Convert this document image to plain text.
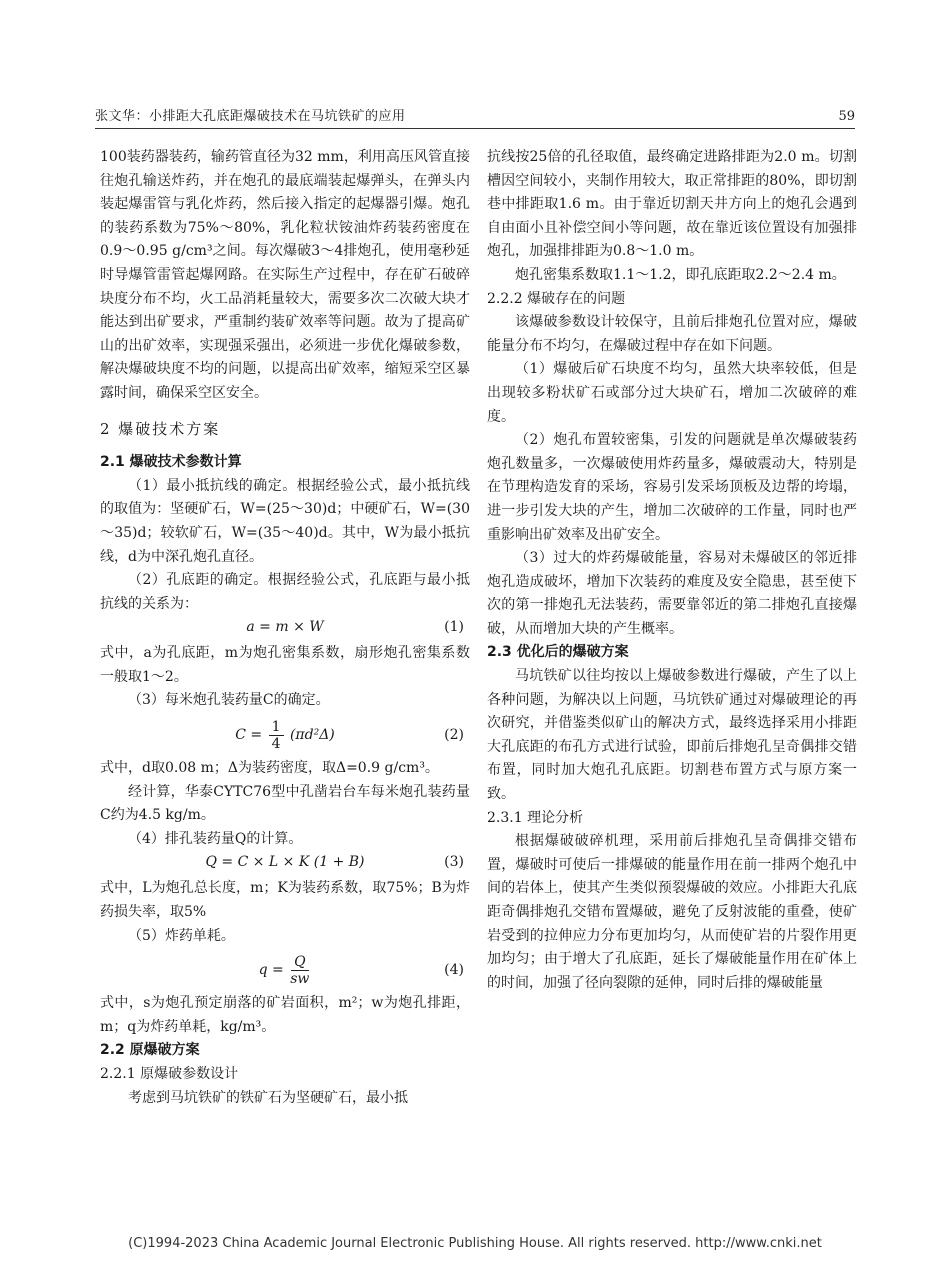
张文华：小排距大孔底距爆破技术在马坑铁矿的应用	59

100装药器装药，输药管直径为32 mm，利用高压风管直接往炮孔输送炸药，并在炮孔的最底端装起爆弹头，在弹头内装起爆雷管与乳化炸药，然后接入指定的起爆器引爆。炮孔的装药系数为75%～80%，乳化粒状铵油炸药装药密度在0.9～0.95 g/cm³之间。每次爆破3～4排炮孔，使用毫秒延时导爆管雷管起爆网路。在实际生产过程中，存在矿石破碎块度分布不均，火工品消耗量较大，需要多次二次破大块才能达到出矿要求，严重制约装矿效率等问题。故为了提高矿山的出矿效率，实现强采强出，必须进一步优化爆破参数，解决爆破块度不均的问题，以提高出矿效率，缩短采空区暴露时间，确保采空区安全。

2 爆破技术方案
2.1 爆破技术参数计算

（1）最小抵抗线的确定。根据经验公式，最小抵抗线的取值为：坚硬矿石，W=(25～30)d；中硬矿石，W=(30～35)d；较软矿石，W=(35～40)d。其中，W为最小抵抗线，d为中深孔炮孔直径。

（2）孔底距的确定。根据经验公式，孔底距与最小抵抗线的关系为：

a = m × W	(1)

式中，a为孔底距，m为炮孔密集系数，扇形炮孔密集系数一般取1～2。

（3）每米炮孔装药量C的确定。

$C = \frac{1}{4} (\pi d^2\Delta)$	(2)

式中，d取0.08 m；Δ为装药密度，取Δ=0.9 g/cm³。

经计算，华泰CYTC76型中孔凿岩台车每米炮孔装药量C约为4.5 kg/m。

（4）排孔装药量Q的计算。

Q = C × L × K (1 + B)	(3)

式中，L为炮孔总长度，m；K为装药系数，取75%；B为炸药损失率，取5%

（5）炸药单耗。

$q = \frac{Q}{sw}$	(4)

式中，s为炮孔预定崩落的矿岩面积，m²；w为炮孔排距，m；q为炸药单耗，kg/m³。

2.2 原爆破方案
2.2.1 原爆破参数设计

考虑到马坑铁矿的铁矿石为坚硬矿石，最小抵

抗线按25倍的孔径取值，最终确定进路排距为2.0 m。切割槽因空间较小，夹制作用较大，取正常排距的80%，即切割巷中排距取1.6 m。由于靠近切割天井方向上的炮孔会遇到自由面小且补偿空间小等问题，故在靠近该位置设有加强排炮孔，加强排排距为0.8～1.0 m。

炮孔密集系数取1.1～1.2，即孔底距取2.2～2.4 m。

2.2.2 爆破存在的问题

该爆破参数设计较保守，且前后排炮孔位置对应，爆破能量分布不均匀，在爆破过程中存在如下问题。

（1）爆破后矿石块度不均匀，虽然大块率较低，但是出现较多粉状矿石或部分过大块矿石，增加二次破碎的难度。

（2）炮孔布置较密集，引发的问题就是单次爆破装药炮孔数量多，一次爆破使用炸药量多，爆破震动大，特别是在节理构造发育的采场，容易引发采场顶板及边帮的垮塌，进一步引发大块的产生，增加二次破碎的工作量，同时也严重影响出矿效率及出矿安全。

（3）过大的炸药爆破能量，容易对未爆破区的邻近排炮孔造成破坏，增加下次装药的难度及安全隐患，甚至使下次的第一排炮孔无法装药，需要靠邻近的第二排炮孔直接爆破，从而增加大块的产生概率。

2.3 优化后的爆破方案

马坑铁矿以往均按以上爆破参数进行爆破，产生了以上各种问题，为解决以上问题，马坑铁矿通过对爆破理论的再次研究，并借鉴类似矿山的解决方式，最终选择采用小排距大孔底距的布孔方式进行试验，即前后排炮孔呈奇偶排交错布置，同时加大炮孔孔底距。切割巷布置方式与原方案一致。

2.3.1 理论分析

根据爆破破碎机理，采用前后排炮孔呈奇偶排交错布置，爆破时可使后一排爆破的能量作用在前一排两个炮孔中间的岩体上，使其产生类似预裂爆破的效应。小排距大孔底距奇偶排炮孔交错布置爆破，避免了反射波能的重叠，使矿岩受到的拉伸应力分布更加均匀，从而使矿岩的片裂作用更加均匀；由于增大了孔底距，延长了爆破能量作用在矿体上的时间，加强了径向裂隙的延伸，同时后排的爆破能量

(C)1994-2023 China Academic Journal Electronic Publishing House. All rights reserved. http://www.cnki.net
